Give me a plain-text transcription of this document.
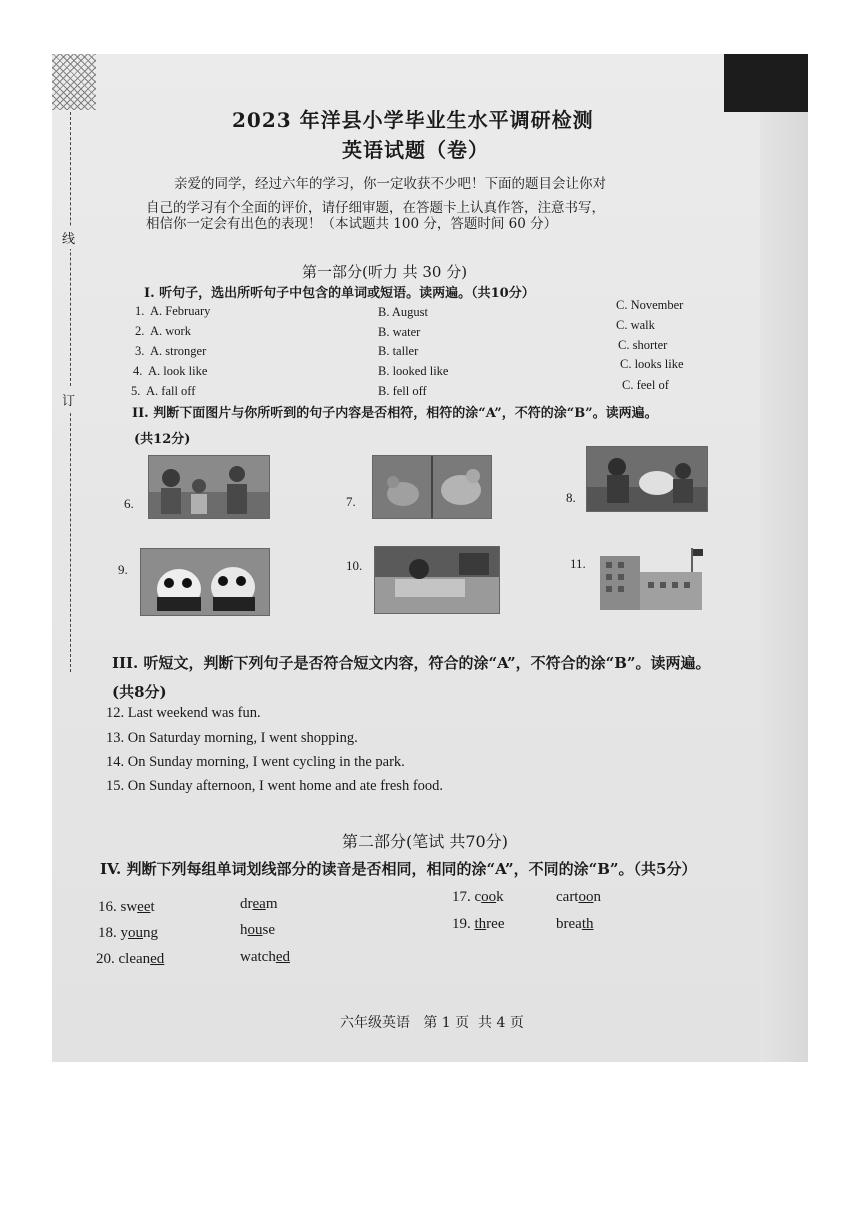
线
订
2023 年洋县小学毕业生水平调研检测
英语试题（卷）
亲爱的同学，经过六年的学习，你一定收获不少吧！下面的题目会让你对
自己的学习有个全面的评价，请仔细审题，在答题卡上认真作答，注意书写，
相信你一定会有出色的表现！（本试题共 100 分，答题时间 60 分）
第一部分(听力 共 30 分)
I. 听句子，选出所听句子中包含的单词或短语。读两遍。（共10分）
1. A. February	B. August	C. November
2. A. work	B. water	C. walk
3. A. stronger	B. taller	C. shorter
4. A. look like	B. looked like	C. looks like
5. A. fall off	B. fell off	C. feel of
II. 判断下面图片与你所听到的句子内容是否相符，相符的涂“A”，不符的涂“B”。读两遍。
(共12分)
6.	7.	8.
9.	10.	11.
III. 听短文，判断下列句子是否符合短文内容，符合的涂“A”，不符合的涂“B”。读两遍。
(共8分)
12. Last weekend was fun.
13. On Saturday morning, I went shopping.
14. On Sunday morning, I went cycling in the park.
15. On Sunday afternoon, I went home and ate fresh food.
第二部分(笔试 共70分)
IV. 判断下列每组单词划线部分的读音是否相同，相同的涂“A”，不同的涂“B”。（共5分）
16. sweet	dream	17. cook	cartoon
18. young	house	19. three	breath
20. cleaned	watched
六年级英语   第 1 页  共 4 页
